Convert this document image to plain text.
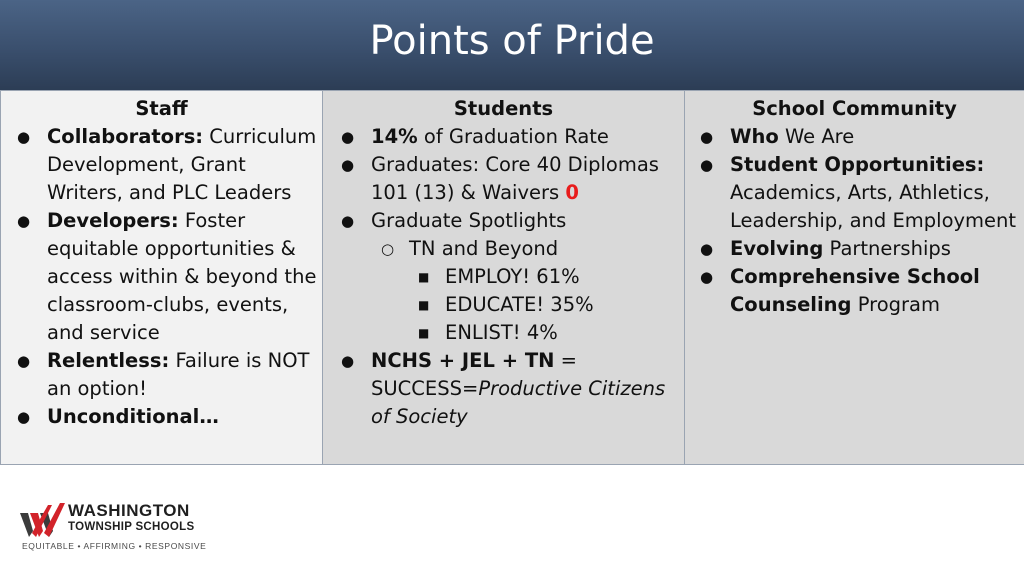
Points of Pride
Staff
● Collaborators: Curriculum Development, Grant Writers, and PLC Leaders
● Developers: Foster equitable opportunities & access within & beyond the classroom-clubs, events, and service
● Relentless: Failure is NOT an option!
● Unconditional…
Students
● 14% of Graduation Rate
● Graduates: Core 40 Diplomas 101 (13) & Waivers 0
● Graduate Spotlights
○ TN and Beyond
■ EMPLOY! 61%
■ EDUCATE! 35%
■ ENLIST! 4%
● NCHS + JEL + TN = SUCCESS=Productive Citizens of Society
School Community
● Who We Are
● Student Opportunities: Academics, Arts, Athletics, Leadership, and Employment
● Evolving Partnerships
● Comprehensive School Counseling Program
WASHINGTON
TOWNSHIP SCHOOLS
EQUITABLE • AFFIRMING • RESPONSIVE
